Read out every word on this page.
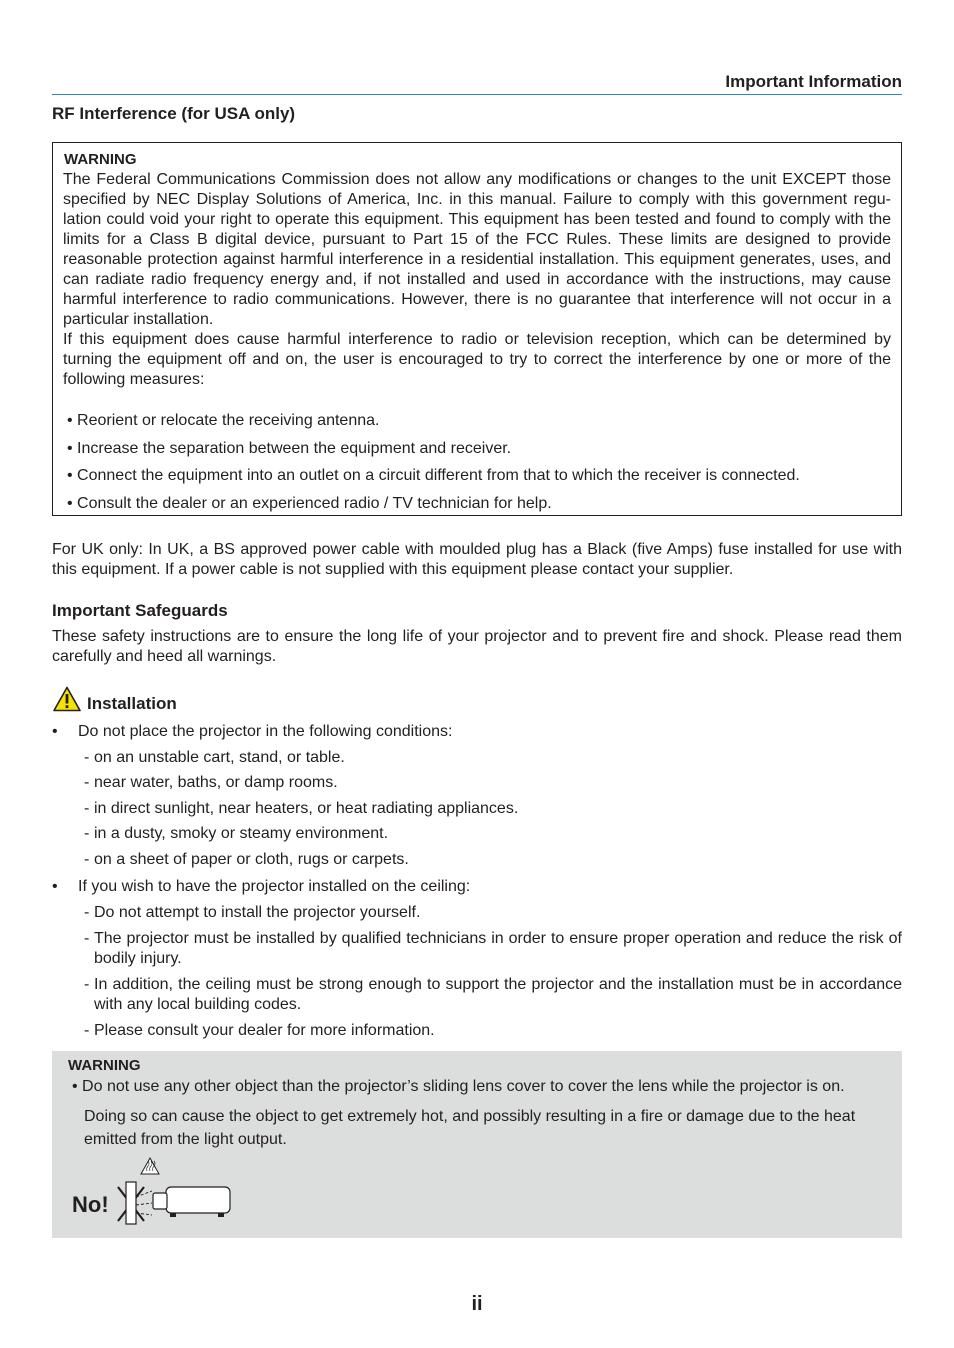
Important Information
RF Interference (for USA only)
WARNING
The Federal Communications Commission does not allow any modifications or changes to the unit EXCEPT those specified by NEC Display Solutions of America, Inc. in this manual. Failure to comply with this government regu-lation could void your right to operate this equipment. This equipment has been tested and found to comply with the limits for a Class B digital device, pursuant to Part 15 of the FCC Rules. These limits are designed to provide reasonable protection against harmful interference in a residential installation. This equipment generates, uses, and can radiate radio frequency energy and, if not installed and used in accordance with the instructions, may cause harmful interference to radio communications. However, there is no guarantee that interference will not occur in a particular installation.
If this equipment does cause harmful interference to radio or television reception, which can be determined by turning the equipment off and on, the user is encouraged to try to correct the interference by one or more of the following measures:
• Reorient or relocate the receiving antenna.
• Increase the separation between the equipment and receiver.
• Connect the equipment into an outlet on a circuit different from that to which the receiver is connected.
• Consult the dealer or an experienced radio / TV technician for help.

For UK only: In UK, a BS approved power cable with moulded plug has a Black (five Amps) fuse installed for use with this equipment. If a power cable is not supplied with this equipment please contact your supplier.

Important Safeguards

These safety instructions are to ensure the long life of your projector and to prevent fire and shock. Please read them carefully and heed all warnings.

Installation
• Do not place the projector in the following conditions:
- on an unstable cart, stand, or table.
- near water, baths, or damp rooms.
- in direct sunlight, near heaters, or heat radiating appliances.
- in a dusty, smoky or steamy environment.
- on a sheet of paper or cloth, rugs or carpets.
• If you wish to have the projector installed on the ceiling:
- Do not attempt to install the projector yourself.
- The projector must be installed by qualified technicians in order to ensure proper operation and reduce the risk of bodily injury.
- In addition, the ceiling must be strong enough to support the projector and the installation must be in accordance with any local building codes.
- Please consult your dealer for more information.
WARNING
• Do not use any other object than the projector’s sliding lens cover to cover the lens while the projector is on.

Doing so can cause the object to get extremely hot, and possibly resulting in a fire or damage due to the heat emitted from the light output.

No!
ii
